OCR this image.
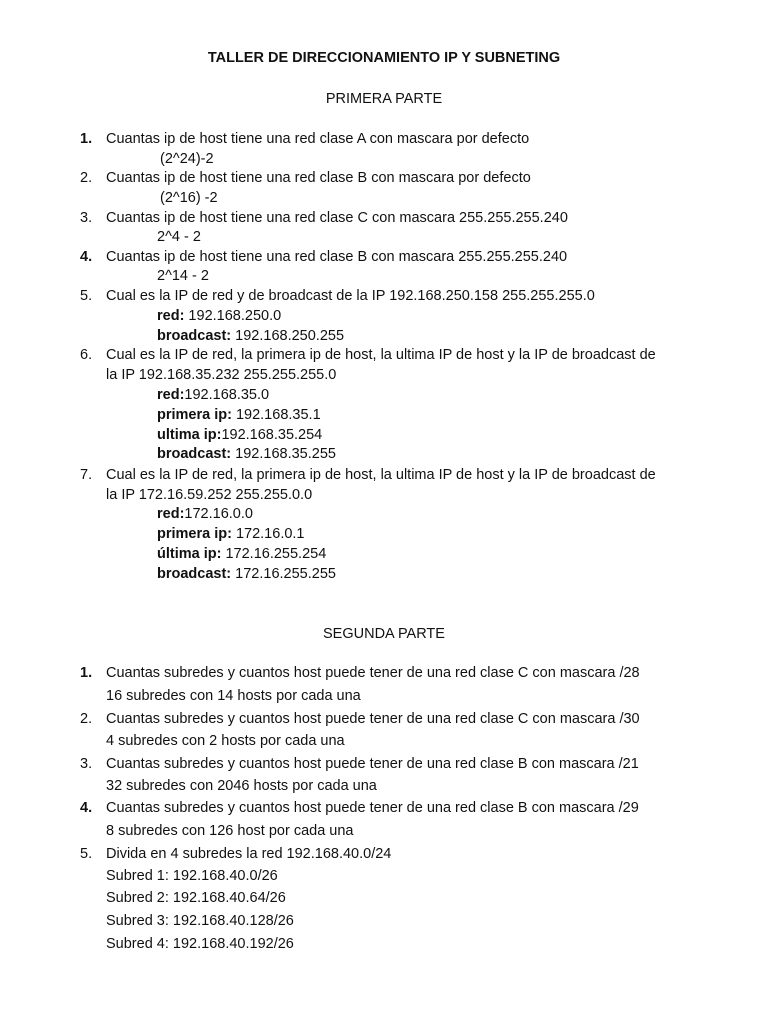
TALLER DE DIRECCIONAMIENTO IP Y SUBNETING
PRIMERA PARTE
1. Cuantas ip de host tiene una red clase A con mascara por defecto
(2^24)-2
2. Cuantas ip de host tiene una red clase B con mascara por defecto
(2^16) -2
3. Cuantas ip de host tiene una red clase C con mascara 255.255.255.240
2^4 - 2
4. Cuantas ip de host tiene una red clase B con mascara 255.255.255.240
2^14 - 2
5. Cual es la IP de red y de broadcast de la IP 192.168.250.158 255.255.255.0
red: 192.168.250.0
broadcast: 192.168.250.255
6. Cual es la IP de red, la primera ip de host, la ultima IP de host y la IP de broadcast de
la IP 192.168.35.232 255.255.255.0
red:192.168.35.0
primera ip: 192.168.35.1
ultima ip:192.168.35.254
broadcast: 192.168.35.255
7. Cual es la IP de red, la primera ip de host, la ultima IP de host y la IP de broadcast de
la IP 172.16.59.252 255.255.0.0
red:172.16.0.0
primera ip: 172.16.0.1
última ip: 172.16.255.254
broadcast: 172.16.255.255
SEGUNDA PARTE
1. Cuantas subredes y cuantos host puede tener de una red clase C con mascara /28
16 subredes con 14 hosts por cada una
2. Cuantas subredes y cuantos host puede tener de una red clase C con mascara /30
4 subredes con 2 hosts por cada una
3. Cuantas subredes y cuantos host puede tener de una red clase B con mascara /21
32 subredes con 2046 hosts por cada una
4. Cuantas subredes y cuantos host puede tener de una red clase B con mascara /29
8 subredes con 126 host por cada una
5. Divida en 4 subredes la red 192.168.40.0/24
Subred 1: 192.168.40.0/26
Subred 2: 192.168.40.64/26
Subred 3: 192.168.40.128/26
Subred 4: 192.168.40.192/26
